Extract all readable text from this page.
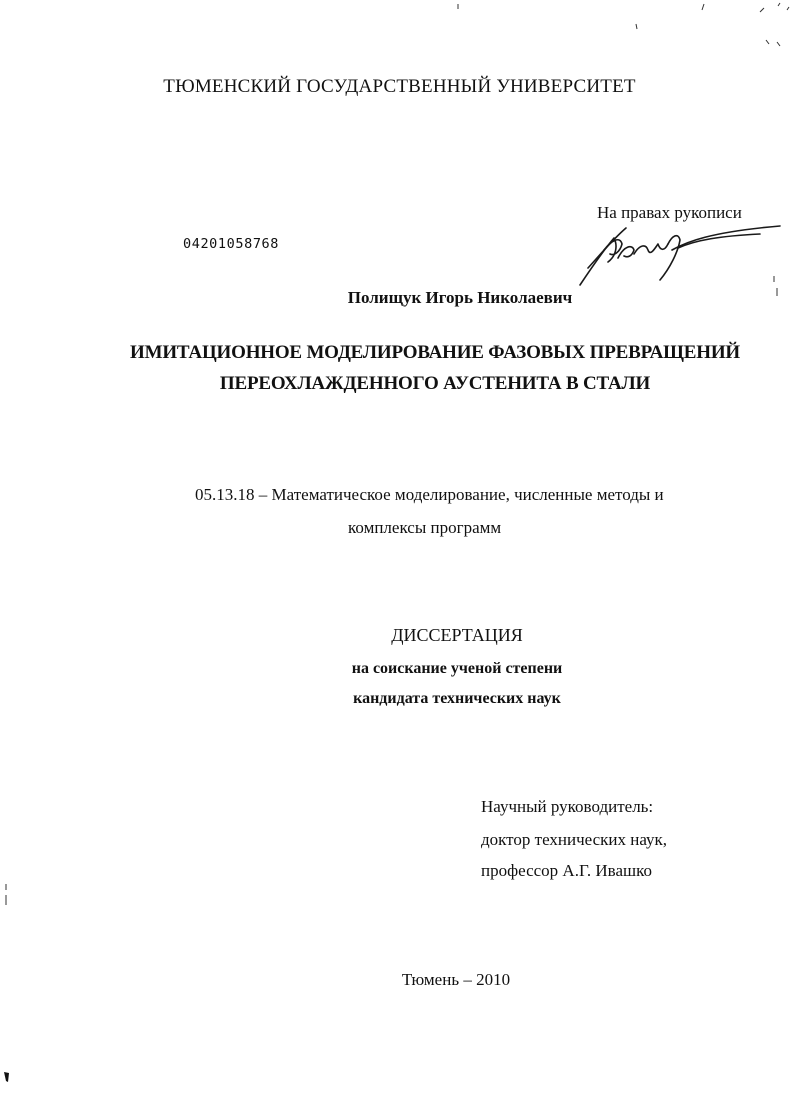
ТЮМЕНСКИЙ ГОСУДАРСТВЕННЫЙ УНИВЕРСИТЕТ
На правах рукописи
04201058768
Полищук Игорь Николаевич
ИМИТАЦИОННОЕ МОДЕЛИРОВАНИЕ ФАЗОВЫХ ПРЕВРАЩЕНИЙ
ПЕРЕОХЛАЖДЕННОГО АУСТЕНИТА В СТАЛИ
05.13.18 – Математическое моделирование, численные методы и
комплексы программ
ДИССЕРТАЦИЯ
на соискание ученой степени
кандидата технических наук
Научный руководитель:
доктор технических наук,
профессор А.Г. Ивашко
Тюмень – 2010
